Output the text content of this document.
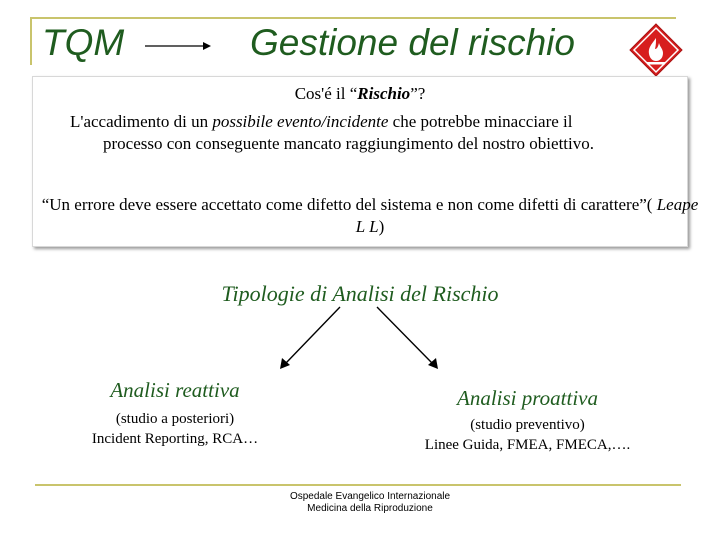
TQM	Gestione del rischio
Cos'é il “Rischio”?
L'accadimento di un possibile evento/incidente che potrebbe minacciare il
processo con conseguente mancato raggiungimento del nostro obiettivo.
“Un errore deve essere accettato come difetto del sistema e non come difetti di carattere”( Leape L L)
Tipologie di Analisi del Rischio
Analisi reattiva
(studio a posteriori)
Incident Reporting, RCA…
Analisi proattiva
(studio preventivo)
Linee Guida, FMEA, FMECA,….
Ospedale Evangelico Internazionale
Medicina della Riproduzione
